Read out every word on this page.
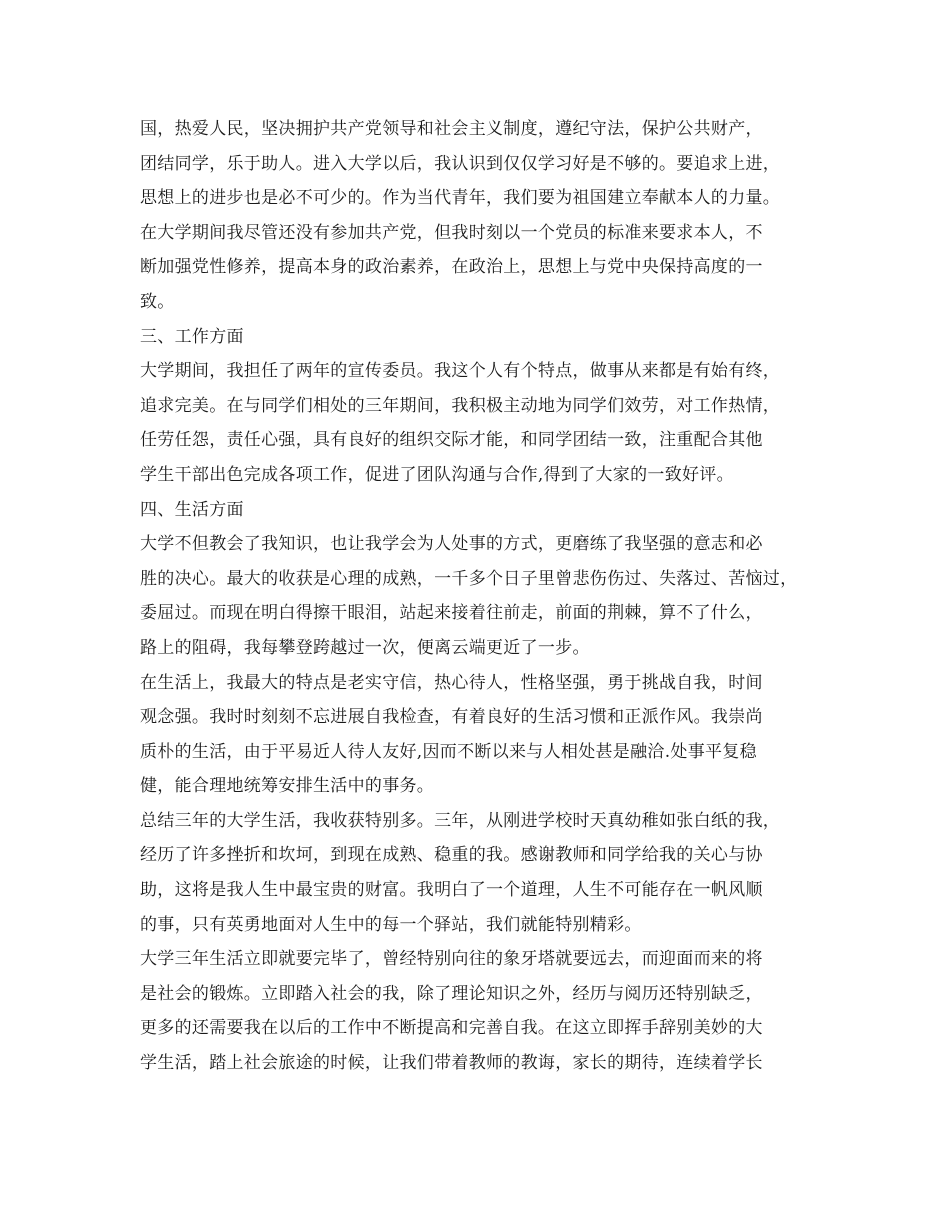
国，热爱人民，坚决拥护共产党领导和社会主义制度，遵纪守法，保护公共财产，
团结同学，乐于助人。进入大学以后，我认识到仅仅学习好是不够的。要追求上进，
思想上的进步也是必不可少的。作为当代青年，我们要为祖国建立奉献本人的力量。
在大学期间我尽管还没有参加共产党，但我时刻以一个党员的标准来要求本人，不
断加强党性修养，提高本身的政治素养，在政治上，思想上与党中央保持高度的一
致。
三、工作方面
大学期间，我担任了两年的宣传委员。我这个人有个特点，做事从来都是有始有终，
追求完美。在与同学们相处的三年期间，我积极主动地为同学们效劳，对工作热情，
任劳任怨，责任心强，具有良好的组织交际才能，和同学团结一致，注重配合其他
学生干部出色完成各项工作，促进了团队沟通与合作,得到了大家的一致好评。
四、生活方面
大学不但教会了我知识，也让我学会为人处事的方式，更磨练了我坚强的意志和必
胜的决心。最大的收获是心理的成熟，一千多个日子里曾悲伤伤过、失落过、苦恼过，
委屈过。而现在明白得擦干眼泪，站起来接着往前走，前面的荆棘，算不了什么，
路上的阻碍，我每攀登跨越过一次，便离云端更近了一步。
在生活上，我最大的特点是老实守信，热心待人，性格坚强，勇于挑战自我，时间
观念强。我时时刻刻不忘进展自我检查，有着良好的生活习惯和正派作风。我崇尚
质朴的生活，由于平易近人待人友好,因而不断以来与人相处甚是融洽.处事平复稳
健，能合理地统筹安排生活中的事务。
总结三年的大学生活，我收获特别多。三年，从刚进学校时天真幼稚如张白纸的我，
经历了许多挫折和坎坷，到现在成熟、稳重的我。感谢教师和同学给我的关心与协
助，这将是我人生中最宝贵的财富。我明白了一个道理，人生不可能存在一帆风顺
的事，只有英勇地面对人生中的每一个驿站，我们就能特别精彩。
大学三年生活立即就要完毕了，曾经特别向往的象牙塔就要远去，而迎面而来的将
是社会的锻炼。立即踏入社会的我，除了理论知识之外，经历与阅历还特别缺乏，
更多的还需要我在以后的工作中不断提高和完善自我。在这立即挥手辞别美妙的大
学生活，踏上社会旅途的时候，让我们带着教师的教诲，家长的期待，连续着学长
